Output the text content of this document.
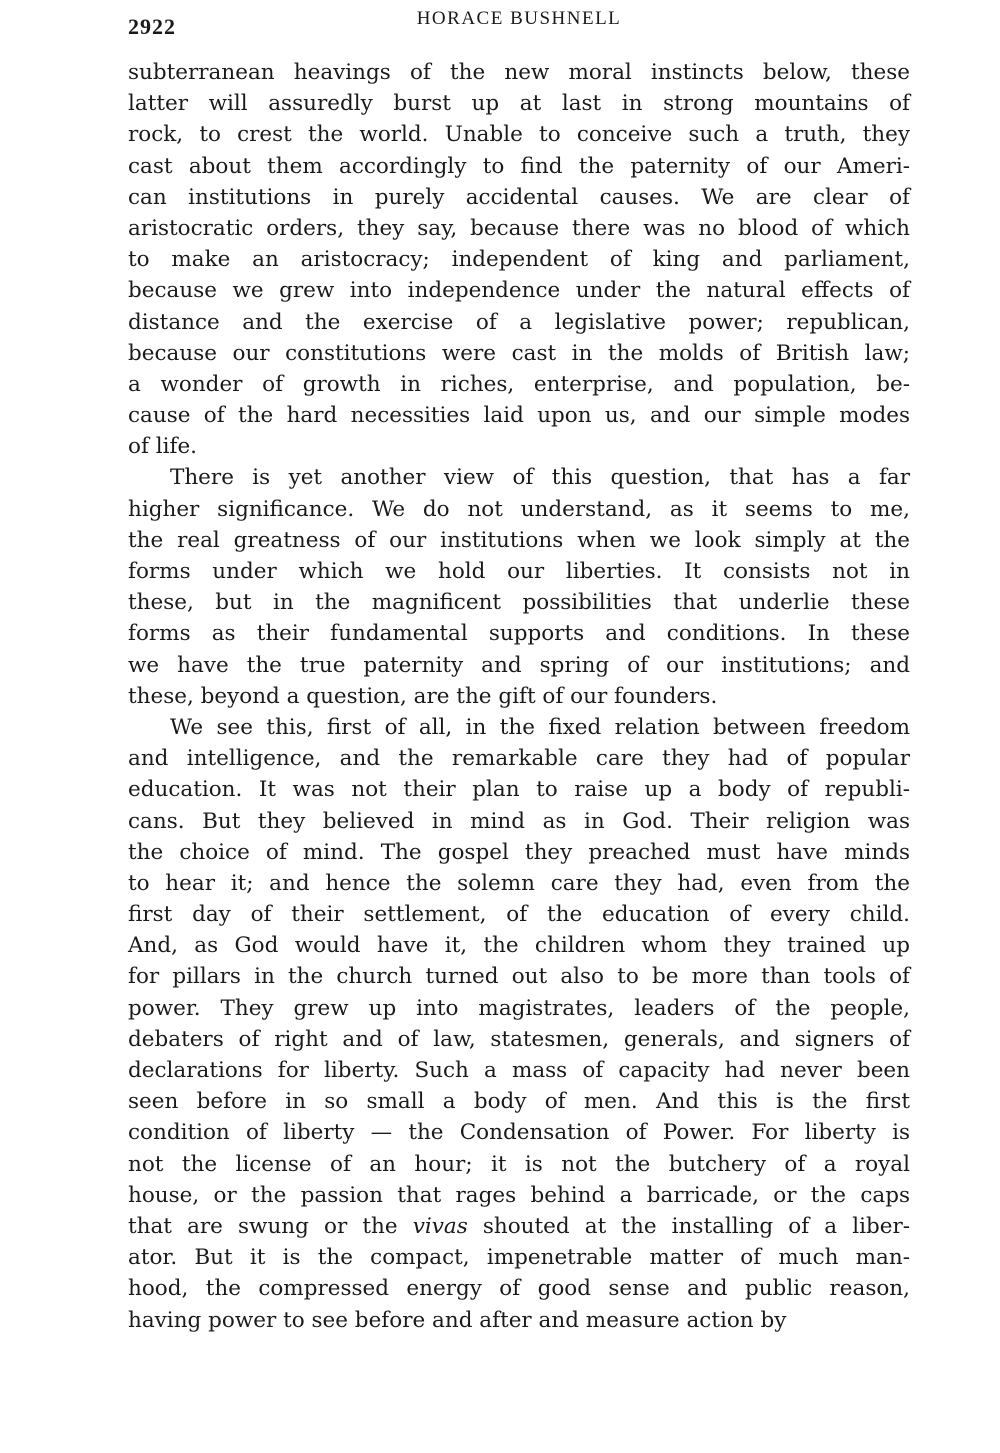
2922	HORACE BUSHNELL
subterranean heavings of the new moral instincts below, these
latter will assuredly burst up at last in strong mountains of
rock, to crest the world. Unable to conceive such a truth, they
cast about them accordingly to find the paternity of our Ameri-
can institutions in purely accidental causes. We are clear of
aristocratic orders, they say, because there was no blood of which
to make an aristocracy; independent of king and parliament,
because we grew into independence under the natural effects of
distance and the exercise of a legislative power; republican,
because our constitutions were cast in the molds of British law;
a wonder of growth in riches, enterprise, and population, be-
cause of the hard necessities laid upon us, and our simple modes
of life.
There is yet another view of this question, that has a far
higher significance. We do not understand, as it seems to me,
the real greatness of our institutions when we look simply at the
forms under which we hold our liberties. It consists not in
these, but in the magnificent possibilities that underlie these
forms as their fundamental supports and conditions. In these
we have the true paternity and spring of our institutions; and
these, beyond a question, are the gift of our founders.
We see this, first of all, in the fixed relation between freedom
and intelligence, and the remarkable care they had of popular
education. It was not their plan to raise up a body of republi-
cans. But they believed in mind as in God. Their religion was
the choice of mind. The gospel they preached must have minds
to hear it; and hence the solemn care they had, even from the
first day of their settlement, of the education of every child.
And, as God would have it, the children whom they trained up
for pillars in the church turned out also to be more than tools of
power. They grew up into magistrates, leaders of the people,
debaters of right and of law, statesmen, generals, and signers of
declarations for liberty. Such a mass of capacity had never been
seen before in so small a body of men. And this is the first
condition of liberty — the Condensation of Power. For liberty is
not the license of an hour; it is not the butchery of a royal
house, or the passion that rages behind a barricade, or the caps
that are swung or the vivas shouted at the installing of a liber-
ator. But it is the compact, impenetrable matter of much man-
hood, the compressed energy of good sense and public reason,
having power to see before and after and measure action by
